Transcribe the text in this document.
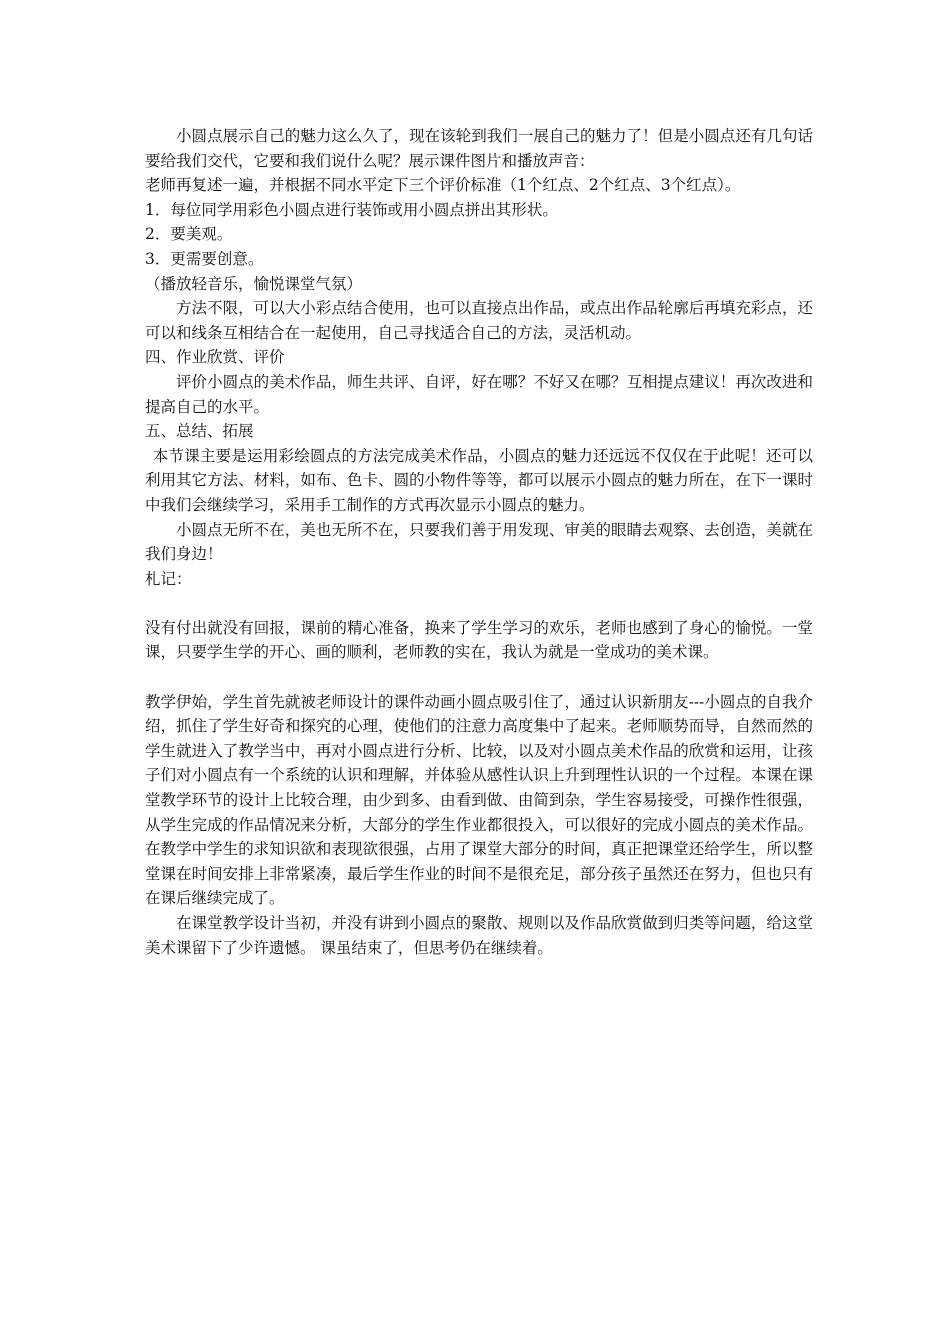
小圆点展示自己的魅力这么久了，现在该轮到我们一展自己的魅力了！但是小圆点还有几句话要给我们交代，它要和我们说什么呢？展示课件图片和播放声音：

老师再复述一遍，并根据不同水平定下三个评价标准（1个红点、2个红点、3个红点）。

1．每位同学用彩色小圆点进行装饰或用小圆点拼出其形状。

2．要美观。

3．更需要创意。

（播放轻音乐，愉悦课堂气氛）

方法不限，可以大小彩点结合使用，也可以直接点出作品，或点出作品轮廓后再填充彩点，还可以和线条互相结合在一起使用，自己寻找适合自己的方法，灵活机动。

四、作业欣赏、评价

评价小圆点的美术作品，师生共评、自评，好在哪？不好又在哪？互相提点建议！再次改进和提高自己的水平。

五、总结、拓展

本节课主要是运用彩绘圆点的方法完成美术作品，小圆点的魅力还远远不仅仅在于此呢！还可以利用其它方法、材料，如布、色卡、圆的小物件等等，都可以展示小圆点的魅力所在，在下一课时中我们会继续学习，采用手工制作的方式再次显示小圆点的魅力。

小圆点无所不在，美也无所不在，只要我们善于用发现、审美的眼睛去观察、去创造，美就在我们身边！

札记：

没有付出就没有回报，课前的精心准备，换来了学生学习的欢乐，老师也感到了身心的愉悦。一堂课，只要学生学的开心、画的顺利，老师教的实在，我认为就是一堂成功的美术课。

教学伊始，学生首先就被老师设计的课件动画小圆点吸引住了，通过认识新朋友---小圆点的自我介绍，抓住了学生好奇和探究的心理，使他们的注意力高度集中了起来。老师顺势而导，自然而然的学生就进入了教学当中，再对小圆点进行分析、比较，以及对小圆点美术作品的欣赏和运用，让孩子们对小圆点有一个系统的认识和理解，并体验从感性认识上升到理性认识的一个过程。本课在课堂教学环节的设计上比较合理，由少到多、由看到做、由简到杂，学生容易接受，可操作性很强，从学生完成的作品情况来分析，大部分的学生作业都很投入，可以很好的完成小圆点的美术作品。在教学中学生的求知识欲和表现欲很强，占用了课堂大部分的时间，真正把课堂还给学生，所以整堂课在时间安排上非常紧凑，最后学生作业的时间不是很充足，部分孩子虽然还在努力，但也只有在课后继续完成了。

在课堂教学设计当初，并没有讲到小圆点的聚散、规则以及作品欣赏做到归类等问题，给这堂美术课留下了少许遗憾。 课虽结束了，但思考仍在继续着。
